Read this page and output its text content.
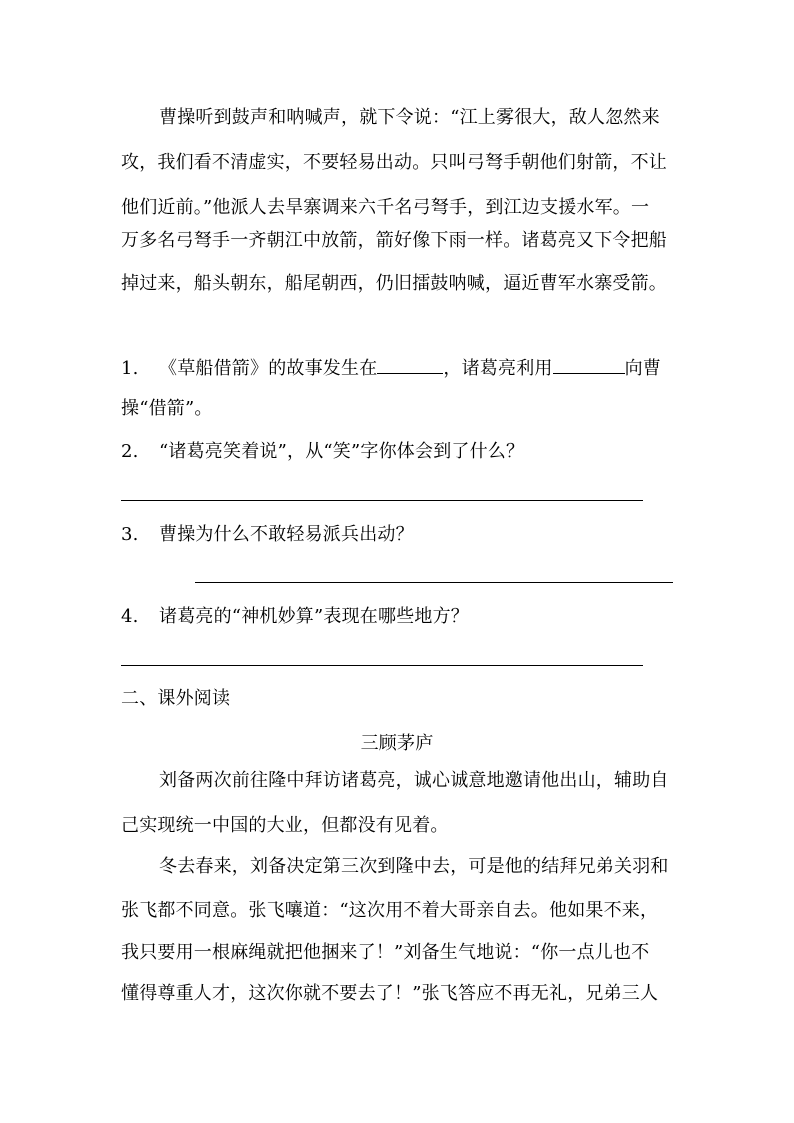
曹操听到鼓声和呐喊声，就下令说：“江上雾很大，敌人忽然来
攻，我们看不清虚实，不要轻易出动。只叫弓弩手朝他们射箭，不让
他们近前。”他派人去旱寨调来六千名弓弩手，到江边支援水军。一
万多名弓弩手一齐朝江中放箭，箭好像下雨一样。诸葛亮又下令把船
掉过来，船头朝东，船尾朝西，仍旧擂鼓呐喊，逼近曹军水寨受箭。
1. 《草船借箭》的故事发生在	，诸葛亮利用	向曹
操“借箭”。
2. “诸葛亮笑着说”，从“笑”字你体会到了什么？
3. 曹操为什么不敢轻易派兵出动？
4. 诸葛亮的“神机妙算”表现在哪些地方？
二、课外阅读
三顾茅庐
刘备两次前往隆中拜访诸葛亮，诚心诚意地邀请他出山，辅助自
己实现统一中国的大业，但都没有见着。
冬去春来，刘备决定第三次到隆中去，可是他的结拜兄弟关羽和
张飞都不同意。张飞嚷道：“这次用不着大哥亲自去。他如果不来，
我只要用一根麻绳就把他捆来了！”刘备生气地说：“你一点儿也不
懂得尊重人才，这次你就不要去了！”张飞答应不再无礼，兄弟三人
